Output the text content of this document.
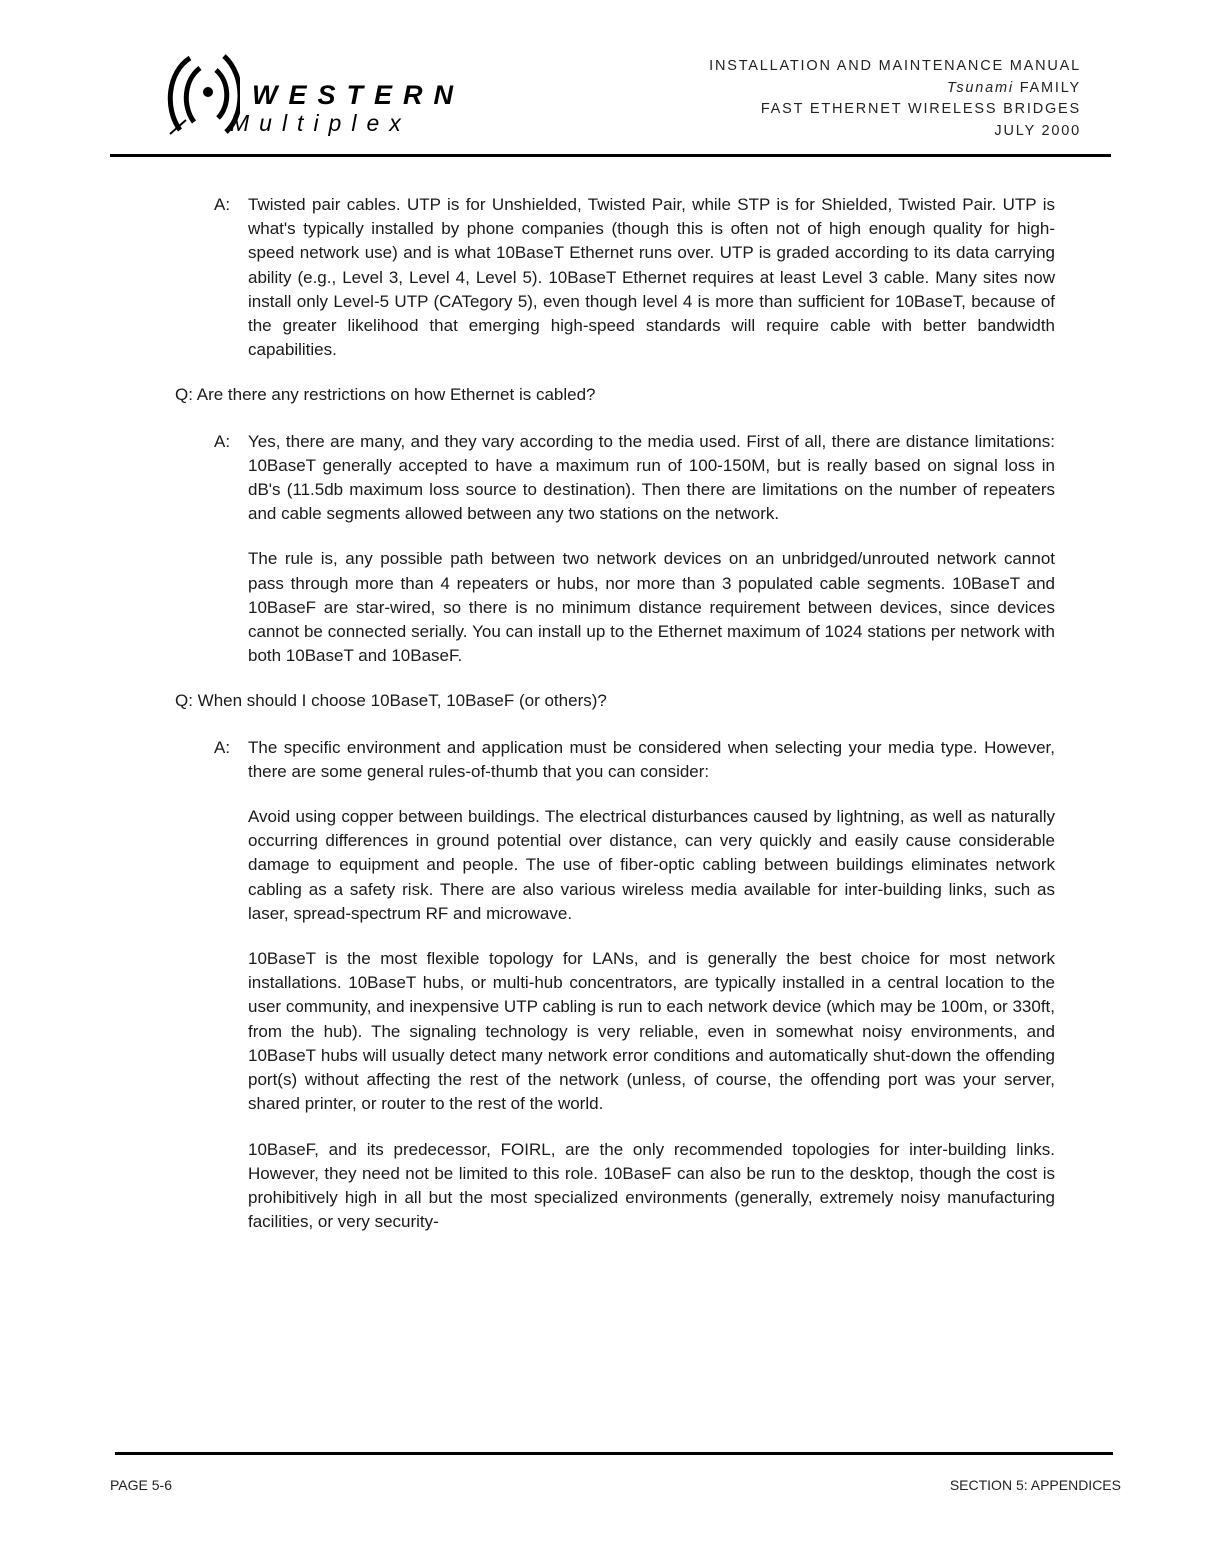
WESTERN
Multiplex
INSTALLATION AND MAINTENANCE MANUAL
Tsunami FAMILY
FAST ETHERNET WIRELESS BRIDGES
JULY 2000
A: Twisted pair cables. UTP is for Unshielded, Twisted Pair, while STP is for Shielded, Twisted Pair. UTP is what's typically installed by phone companies (though this is often not of high enough quality for high- speed network use) and is what 10BaseT Ethernet runs over. UTP is graded according to its data carrying ability (e.g., Level 3, Level 4, Level 5). 10BaseT Ethernet requires at least Level 3 cable. Many sites now install only Level-5 UTP (CATegory 5), even though level 4 is more than sufficient for 10BaseT, because of the greater likelihood that emerging high-speed standards will require cable with better bandwidth capabilities.

Q: Are there any restrictions on how Ethernet is cabled?
A: Yes, there are many, and they vary according to the media used. First of all, there are distance limitations: 10BaseT generally accepted to have a maximum run of 100-150M, but is really based on signal loss in dB's (11.5db maximum loss source to destination). Then there are limitations on the number of repeaters and cable segments allowed between any two stations on the network.

The rule is, any possible path between two network devices on an unbridged/unrouted network cannot pass through more than 4 repeaters or hubs, nor more than 3 populated cable segments. 10BaseT and 10BaseF are star-wired, so there is no minimum distance requirement between devices, since devices cannot be connected serially. You can install up to the Ethernet maximum of 1024 stations per network with both 10BaseT and 10BaseF.

Q: When should I choose 10BaseT, 10BaseF (or others)?
A: The specific environment and application must be considered when selecting your media type. However, there are some general rules-of-thumb that you can consider:

Avoid using copper between buildings. The electrical disturbances caused by lightning, as well as naturally occurring differences in ground potential over distance, can very quickly and easily cause considerable damage to equipment and people. The use of fiber-optic cabling between buildings eliminates network cabling as a safety risk. There are also various wireless media available for inter-building links, such as laser, spread-spectrum RF and microwave.

10BaseT is the most flexible topology for LANs, and is generally the best choice for most network installations. 10BaseT hubs, or multi-hub concentrators, are typically installed in a central location to the user community, and inexpensive UTP cabling is run to each network device (which may be 100m, or 330ft, from the hub). The signaling technology is very reliable, even in somewhat noisy environments, and 10BaseT hubs will usually detect many network error conditions and automatically shut-down the offending port(s) without affecting the rest of the network (unless, of course, the offending port was your server, shared printer, or router to the rest of the world.

10BaseF, and its predecessor, FOIRL, are the only recommended topologies for inter-building links. However, they need not be limited to this role. 10BaseF can also be run to the desktop, though the cost is prohibitively high in all but the most specialized environments (generally, extremely noisy manufacturing facilities, or very security-

PAGE 5-6	SECTION 5: APPENDICES
